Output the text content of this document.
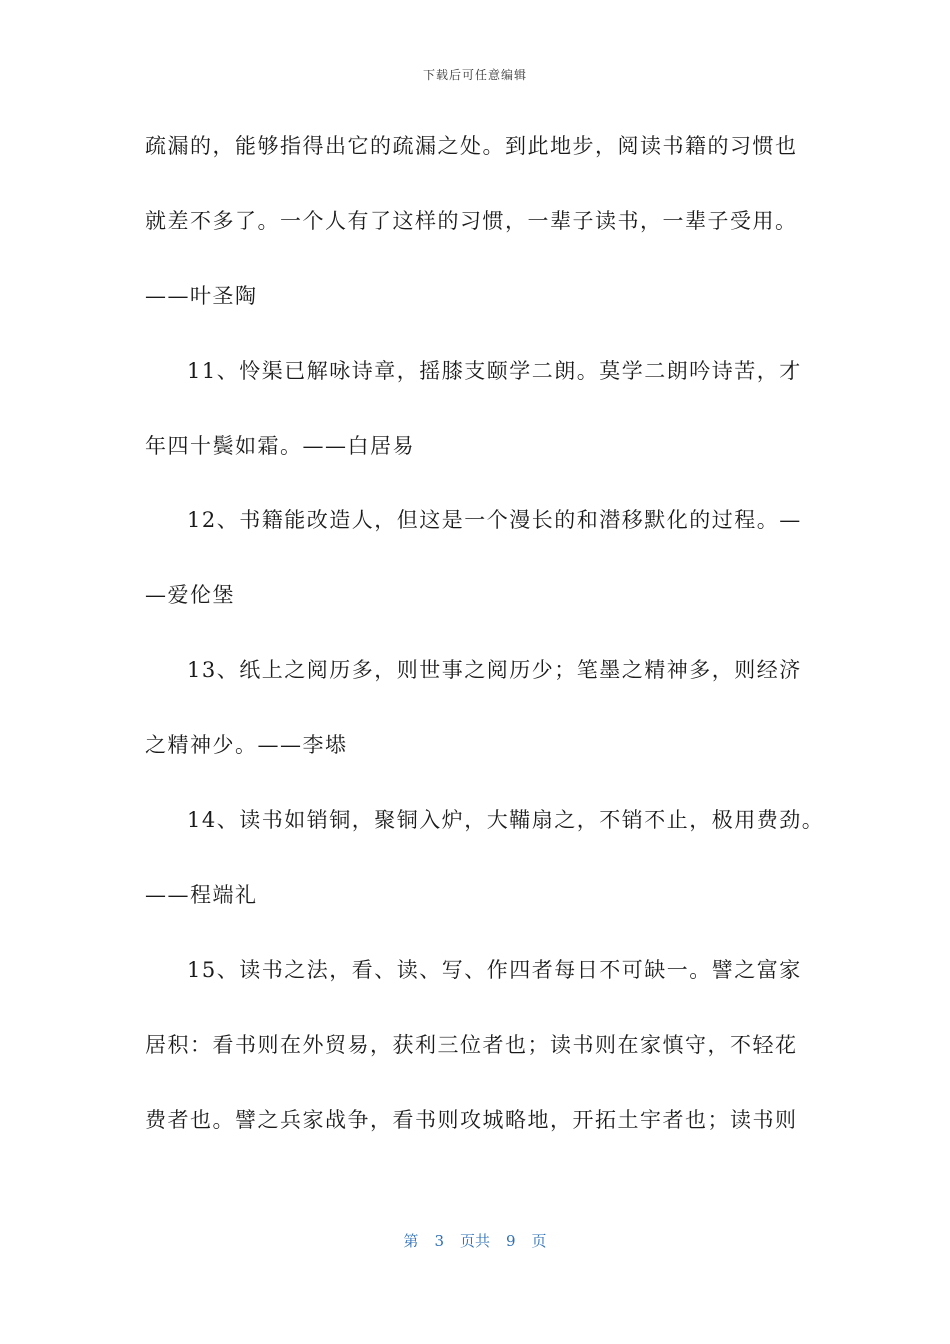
下载后可任意编辑
疏漏的，能够指得出它的疏漏之处。到此地步，阅读书籍的习惯也
就差不多了。一个人有了这样的习惯，一辈子读书，一辈子受用。
——叶圣陶
11、怜渠已解咏诗章，摇膝支颐学二朗。莫学二朗吟诗苦，才
年四十鬓如霜。——白居易
12、书籍能改造人，但这是一个漫长的和潜移默化的过程。—
—爱伦堡
13、纸上之阅历多，则世事之阅历少；笔墨之精神多，则经济
之精神少。——李塨
14、读书如销铜，聚铜入炉，大鞴扇之，不销不止，极用费劲。
——程端礼
15、读书之法，看、读、写、作四者每日不可缺一。譬之富家
居积：看书则在外贸易，获利三位者也；读书则在家慎守，不轻花
费者也。譬之兵家战争，看书则攻城略地，开拓土宇者也；读书则
第 3 页共 9 页
